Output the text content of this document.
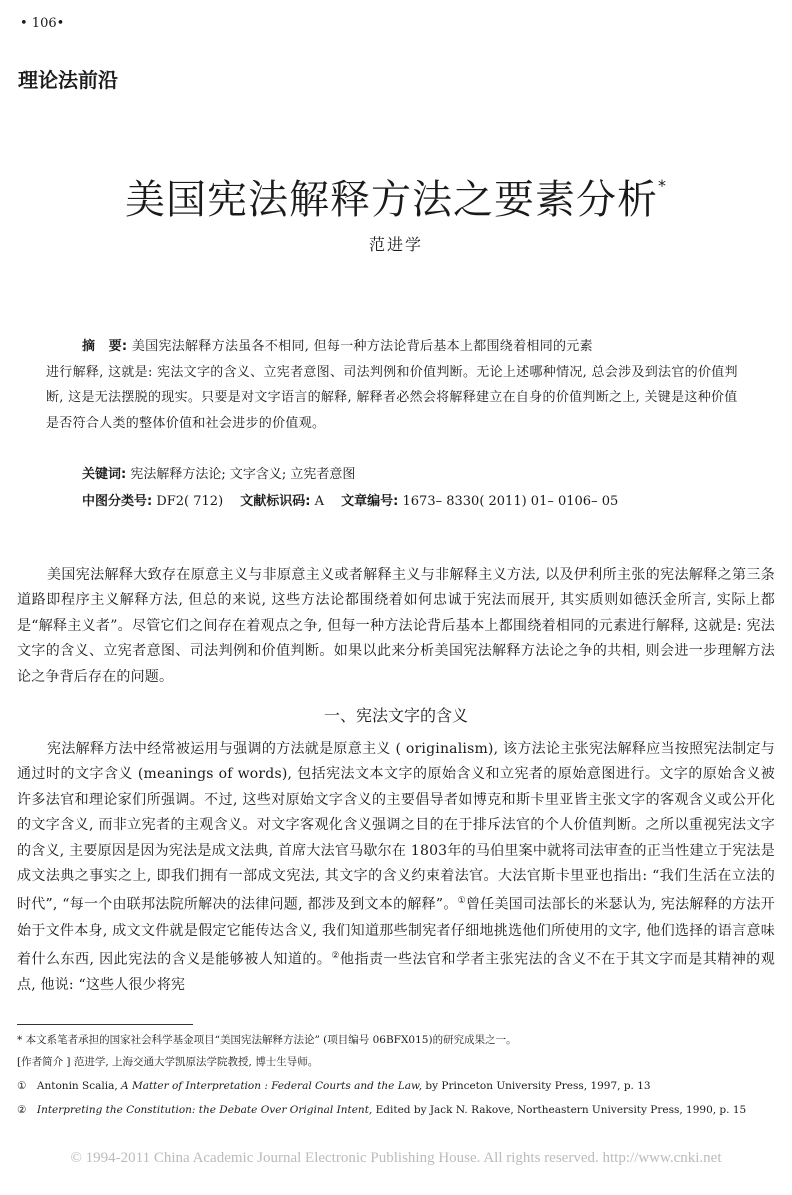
• 106•
理论法前沿
美国宪法解释方法之要素分析*
范进学
摘　要: 美国宪法解释方法虽各不相同, 但每一种方法论背后基本上都围绕着相同的元素
进行解释, 这就是: 宪法文字的含义、立宪者意图、司法判例和价值判断。无论上述哪种情况, 总会涉及到法官的价值判断, 这是无法摆脱的现实。只要是对文字语言的解释, 解释者必然会将解释建立在自身的价值判断之上, 关键是这种价值是否符合人类的整体价值和社会进步的价值观。
关键词: 宪法解释方法论; 文字含义; 立宪者意图
中图分类号: DF2( 712)  文献标识码: A  文章编号: 1673– 8330( 2011) 01– 0106– 05

美国宪法解释大致存在原意主义与非原意主义或者解释主义与非解释主义方法, 以及伊利所主张的宪法解释之第三条道路即程序主义解释方法, 但总的来说, 这些方法论都围绕着如何忠诚于宪法而展开, 其实质则如德沃金所言, 实际上都是“解释主义者”。尽管它们之间存在着观点之争, 但每一种方法论背后基本上都围绕着相同的元素进行解释, 这就是: 宪法文字的含义、立宪者意图、司法判例和价值判断。如果以此来分析美国宪法解释方法论之争的共相, 则会进一步理解方法论之争背后存在的问题。

一、宪法文字的含义

宪法解释方法中经常被运用与强调的方法就是原意主义 ( originalism), 该方法论主张宪法解释应当按照宪法制定与通过时的文字含义 (meanings of words), 包括宪法文本文字的原始含义和立宪者的原始意图进行。文字的原始含义被许多法官和理论家们所强调。不过, 这些对原始文字含义的主要倡导者如博克和斯卡里亚皆主张文字的客观含义或公开化的文字含义, 而非立宪者的主观含义。对文字客观化含义强调之目的在于排斥法官的个人价值判断。之所以重视宪法文字的含义, 主要原因是因为宪法是成文法典, 首席大法官马歇尔在 1803年的马伯里案中就将司法审查的正当性建立于宪法是成文法典之事实之上, 即我们拥有一部成文宪法, 其文字的含义约束着法官。大法官斯卡里亚也指出: “我们生活在立法的时代”, “每一个由联邦法院所解决的法律问题, 都涉及到文本的解释”。①曾任美国司法部长的米瑟认为, 宪法解释的方法开始于文件本身, 成文文件就是假定它能传达含义, 我们知道那些制宪者仔细地挑选他们所使用的文字, 他们选择的语言意味着什么东西, 因此宪法的含义是能够被人知道的。②他指责一些法官和学者主张宪法的含义不在于其文字而是其精神的观点, 他说: “这些人很少将宪

* 本文系笔者承担的国家社会科学基金项目“美国宪法解释方法论” (项目编号 06BFX015)的研究成果之一。
[作者简介 ] 范进学, 上海交通大学凯原法学院教授, 博士生导师。
①  Antonin Scalia, A Matter of Interpretation : Federal Courts and the Law, by Princeton University Press, 1997, p. 13
②  Interpreting the Constitution: the Debate Over Original Intent, Edited by Jack N. Rakove, Northeastern University Press, 1990, p. 15
© 1994-2011 China Academic Journal Electronic Publishing House. All rights reserved. http://www.cnki.net
